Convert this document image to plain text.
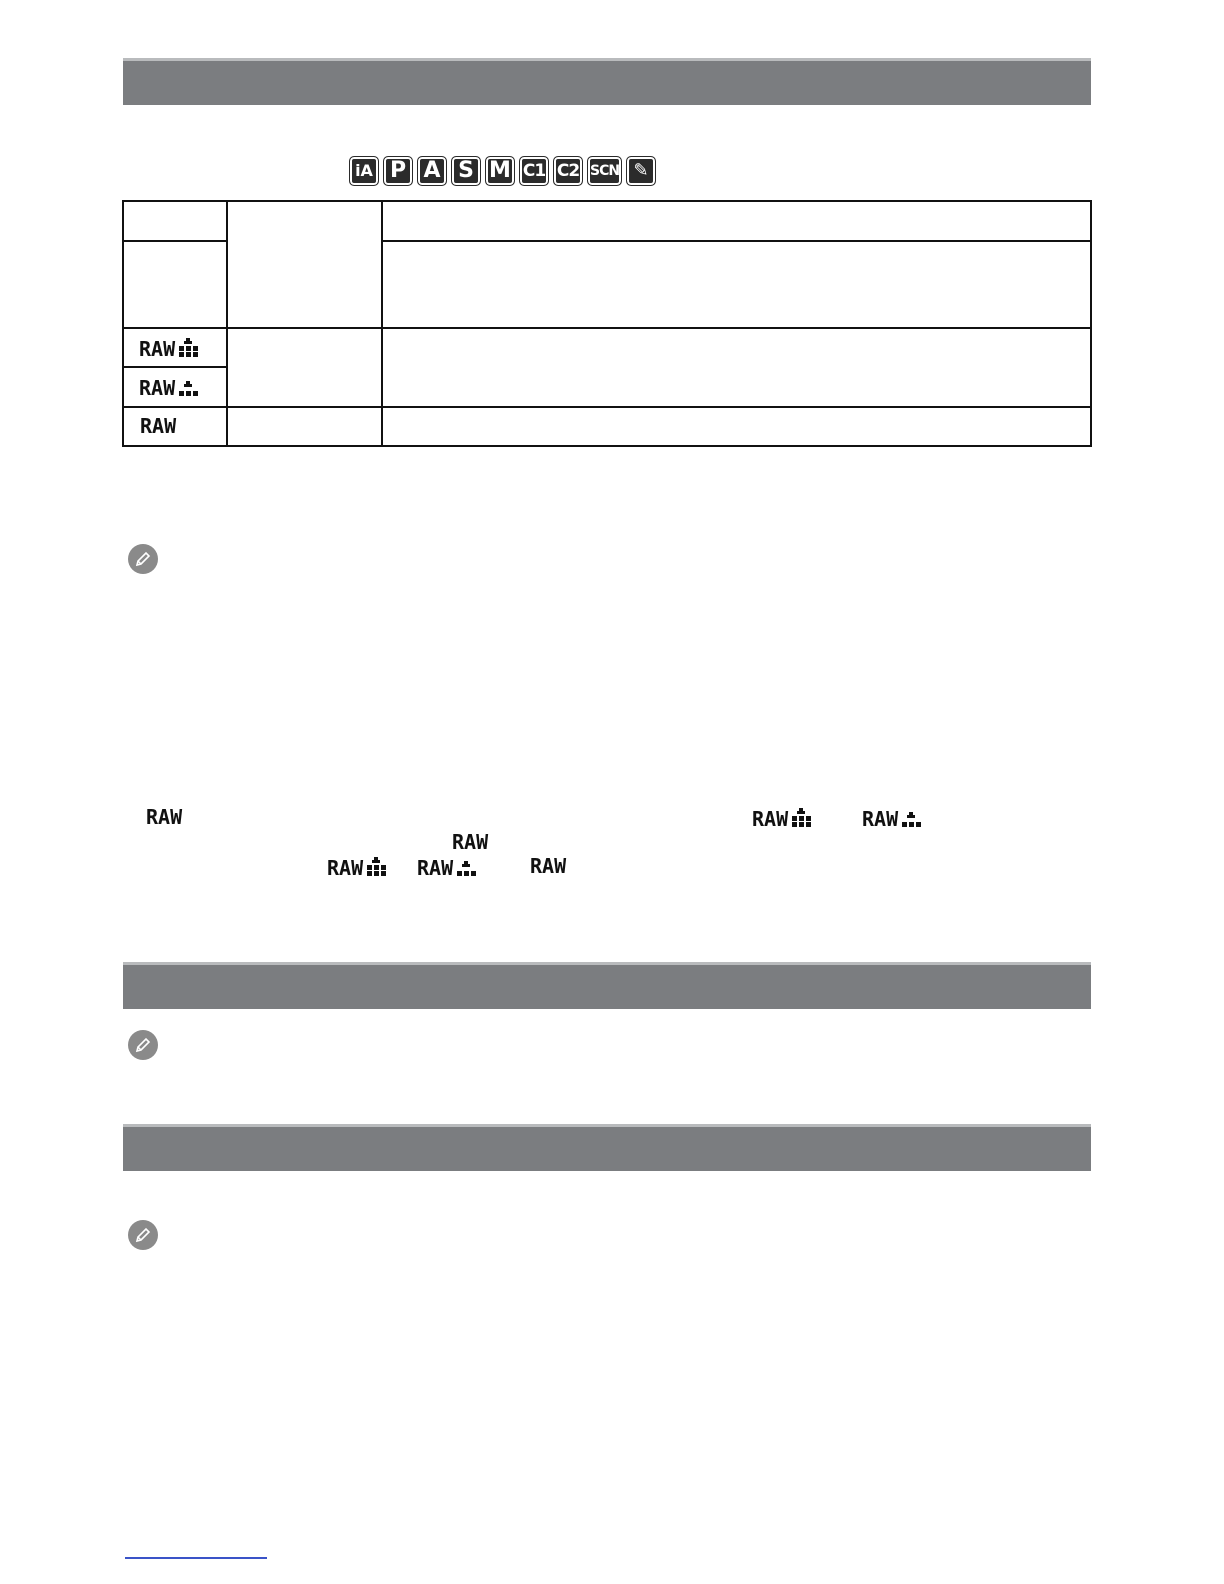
iA P A S M C1 C2 SCN ✎
RAW
RAW
RAW
RAW	RAW	RAW
RAW
RAW	RAW	RAW
